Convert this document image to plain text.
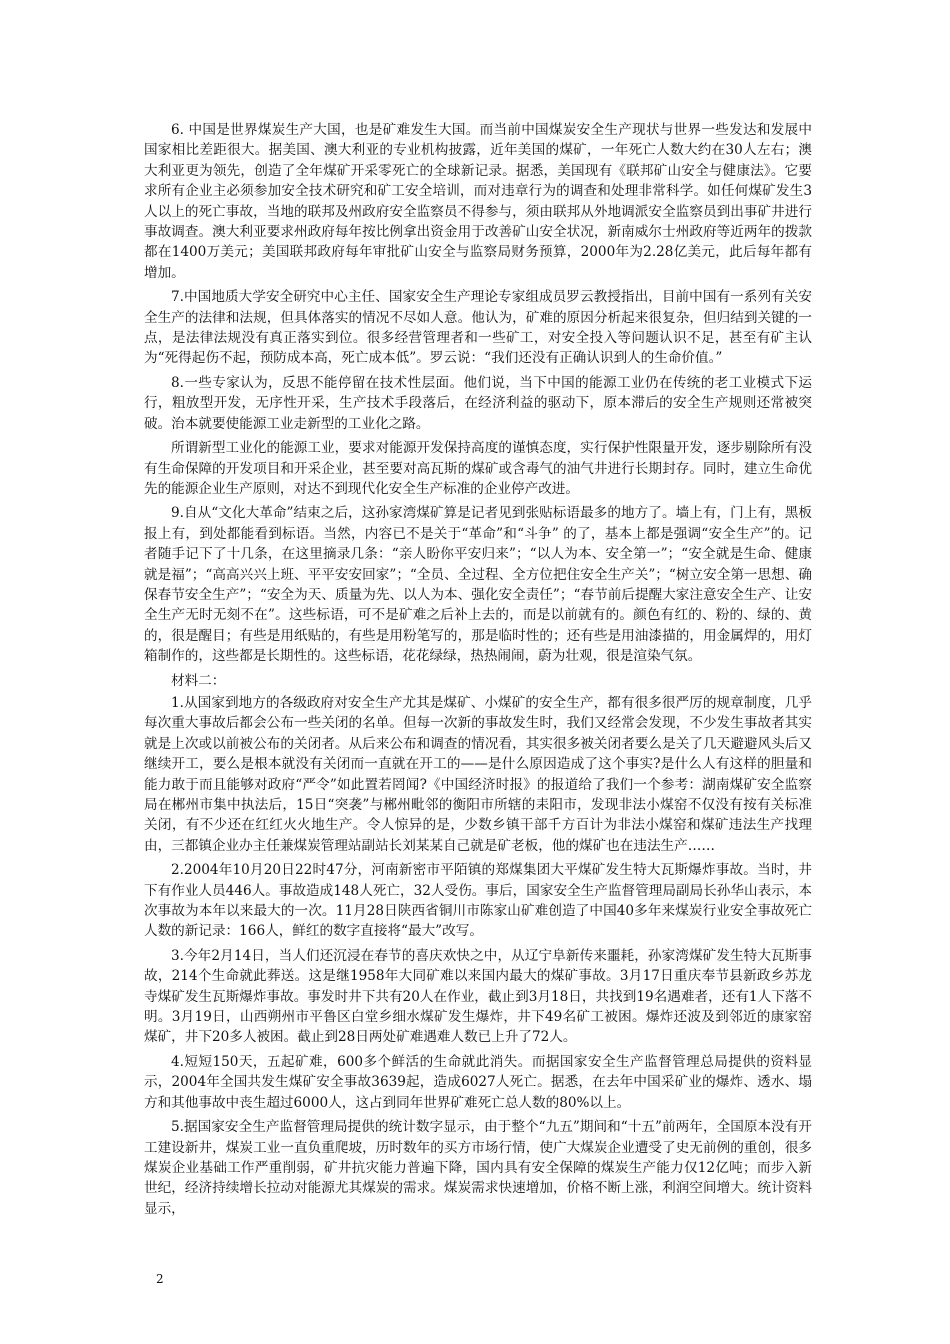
6. 中国是世界煤炭生产大国，也是矿难发生大国。而当前中国煤炭安全生产现状与世界一些发达和发展中国家相比差距很大。据美国、澳大利亚的专业机构披露，近年美国的煤矿，一年死亡人数大约在30人左右；澳大利亚更为领先，创造了全年煤矿开采零死亡的全球新记录。据悉，美国现有《联邦矿山安全与健康法》。它要求所有企业主必须参加安全技术研究和矿工安全培训，而对违章行为的调查和处理非常科学。如任何煤矿发生3人以上的死亡事故，当地的联邦及州政府安全监察员不得参与，须由联邦从外地调派安全监察员到出事矿井进行事故调查。澳大利亚要求州政府每年按比例拿出资金用于改善矿山安全状况，新南威尔士州政府等近两年的拨款都在1400万美元；美国联邦政府每年审批矿山安全与监察局财务预算，2000年为2.28亿美元，此后每年都有增加。

7.中国地质大学安全研究中心主任、国家安全生产理论专家组成员罗云教授指出，目前中国有一系列有关安全生产的法律和法规，但具体落实的情况不尽如人意。他认为，矿难的原因分析起来很复杂，但归结到关键的一点，是法律法规没有真正落实到位。很多经营管理者和一些矿工，对安全投入等问题认识不足，甚至有矿主认为“死得起伤不起，预防成本高，死亡成本低”。罗云说：“我们还没有正确认识到人的生命价值。”

8.一些专家认为，反思不能停留在技术性层面。他们说，当下中国的能源工业仍在传统的老工业模式下运行，粗放型开发，无序性开采，生产技术手段落后，在经济利益的驱动下，原本滞后的安全生产规则还常被突破。治本就要使能源工业走新型的工业化之路。

所谓新型工业化的能源工业，要求对能源开发保持高度的谨慎态度，实行保护性限量开发，逐步剔除所有没有生命保障的开发项目和开采企业，甚至要对高瓦斯的煤矿或含毒气的油气井进行长期封存。同时，建立生命优先的能源企业生产原则，对达不到现代化安全生产标准的企业停产改进。

9.自从“文化大革命”结束之后，这孙家湾煤矿算是记者见到张贴标语最多的地方了。墙上有，门上有，黑板报上有，到处都能看到标语。当然，内容已不是关于“革命”和“斗争” 的了，基本上都是强调“安全生产”的。记者随手记下了十几条，在这里摘录几条：“亲人盼你平安归来”；“以人为本、安全第一”；“安全就是生命、健康就是福”；“高高兴兴上班、平平安安回家”；“全员、全过程、全方位把住安全生产关”；“树立安全第一思想、确保春节安全生产”；“安全为天、质量为先、以人为本、强化安全责任”；“春节前后提醒大家注意安全生产、让安全生产无时无刻不在”。这些标语，可不是矿难之后补上去的，而是以前就有的。颜色有红的、粉的、绿的、黄的，很是醒目；有些是用纸贴的，有些是用粉笔写的，那是临时性的；还有些是用油漆描的，用金属焊的，用灯箱制作的，这些都是长期性的。这些标语，花花绿绿，热热闹闹，蔚为壮观，很是渲染气氛。

材料二：

1.从国家到地方的各级政府对安全生产尤其是煤矿、小煤矿的安全生产，都有很多很严厉的规章制度，几乎每次重大事故后都会公布一些关闭的名单。但每一次新的事故发生时，我们又经常会发现，不少发生事故者其实就是上次或以前被公布的关闭者。从后来公布和调查的情况看，其实很多被关闭者要么是关了几天避避风头后又继续开工，要么是根本就没有关闭而一直就在开工的——是什么原因造成了这个事实?是什么人有这样的胆量和能力敢于而且能够对政府“严令”如此置若罔闻?《中国经济时报》的报道给了我们一个参考：湖南煤矿安全监察局在郴州市集中执法后，15日“突袭”与郴州毗邻的衡阳市所辖的耒阳市，发现非法小煤窑不仅没有按有关标准关闭，有不少还在红红火火地生产。令人惊异的是，少数乡镇干部千方百计为非法小煤窑和煤矿违法生产找理由，三都镇企业办主任兼煤炭管理站副站长刘某某自己就是矿老板，他的煤矿也在违法生产……

2.2004年10月20日22时47分，河南新密市平陌镇的郑煤集团大平煤矿发生特大瓦斯爆炸事故。当时，井下有作业人员446人。事故造成148人死亡，32人受伤。事后，国家安全生产监督管理局副局长孙华山表示，本次事故为本年以来最大的一次。11月28日陕西省铜川市陈家山矿难创造了中国40多年来煤炭行业安全事故死亡人数的新记录：166人，鲜红的数字直接将“最大”改写。

3.今年2月14日，当人们还沉浸在春节的喜庆欢快之中，从辽宁阜新传来噩耗，孙家湾煤矿发生特大瓦斯事故，214个生命就此葬送。这是继1958年大同矿难以来国内最大的煤矿事故。3月17日重庆奉节县新政乡苏龙寺煤矿发生瓦斯爆炸事故。事发时井下共有20人在作业，截止到3月18日，共找到19名遇难者，还有1人下落不明。3月19日，山西朔州市平鲁区白堂乡细水煤矿发生爆炸，井下49名矿工被困。爆炸还波及到邻近的康家窑煤矿，井下20多人被困。截止到28日两处矿难遇难人数已上升了72人。

4.短短150天，五起矿难，600多个鲜活的生命就此消失。而据国家安全生产监督管理总局提供的资料显示，2004年全国共发生煤矿安全事故3639起，造成6027人死亡。据悉，在去年中国采矿业的爆炸、透水、塌方和其他事故中丧生超过6000人，这占到同年世界矿难死亡总人数的80%以上。

5.据国家安全生产监督管理局提供的统计数字显示，由于整个“九五”期间和“十五”前两年，全国原本没有开工建设新井，煤炭工业一直负重爬坡，历时数年的买方市场行情，使广大煤炭企业遭受了史无前例的重创，很多煤炭企业基础工作严重削弱，矿井抗灾能力普遍下降，国内具有安全保障的煤炭生产能力仅12亿吨；而步入新世纪，经济持续增长拉动对能源尤其煤炭的需求。煤炭需求快速增加，价格不断上涨，利润空间增大。统计资料显示，

2
